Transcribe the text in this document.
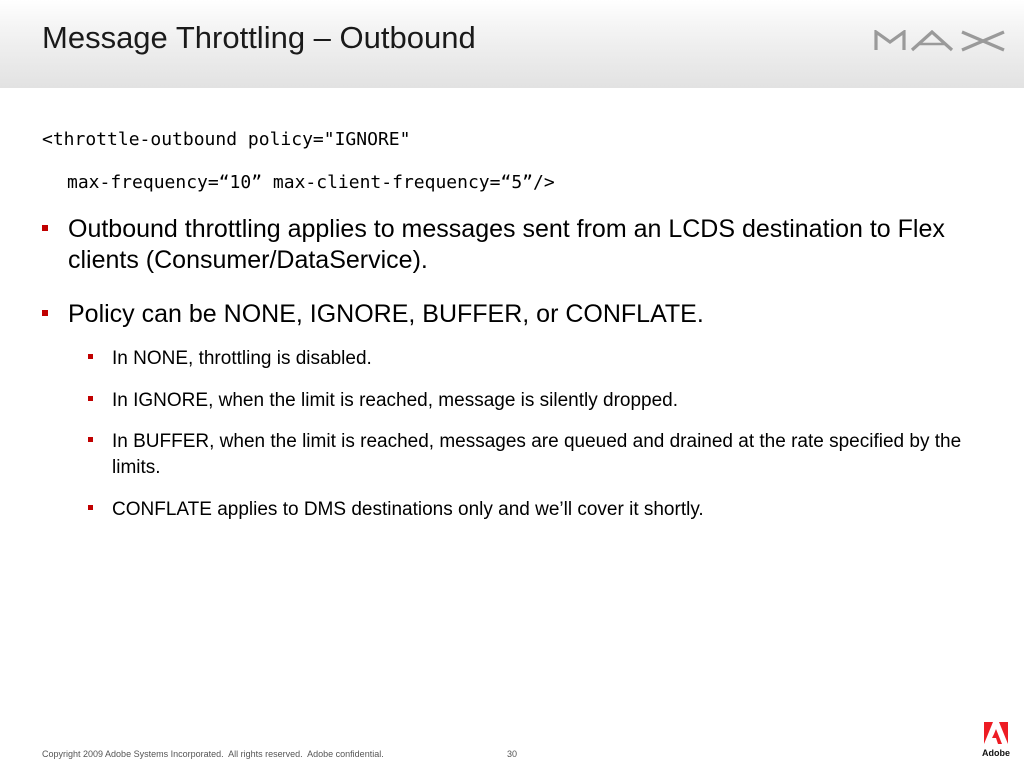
Message Throttling – Outbound
<throttle-outbound policy="IGNORE"
max-frequency=“10” max-client-frequency=“5”/>
Outbound throttling applies to messages sent from an LCDS destination to Flex clients (Consumer/DataService).
Policy can be NONE, IGNORE, BUFFER, or CONFLATE.
In NONE, throttling is disabled.
In IGNORE, when the limit is reached, message is silently dropped.
In BUFFER, when the limit is reached, messages are queued and drained at the rate specified by the limits.
CONFLATE applies to DMS destinations only and we’ll cover it shortly.
Copyright 2009 Adobe Systems Incorporated.  All rights reserved.  Adobe confidential.	30	Adobe
